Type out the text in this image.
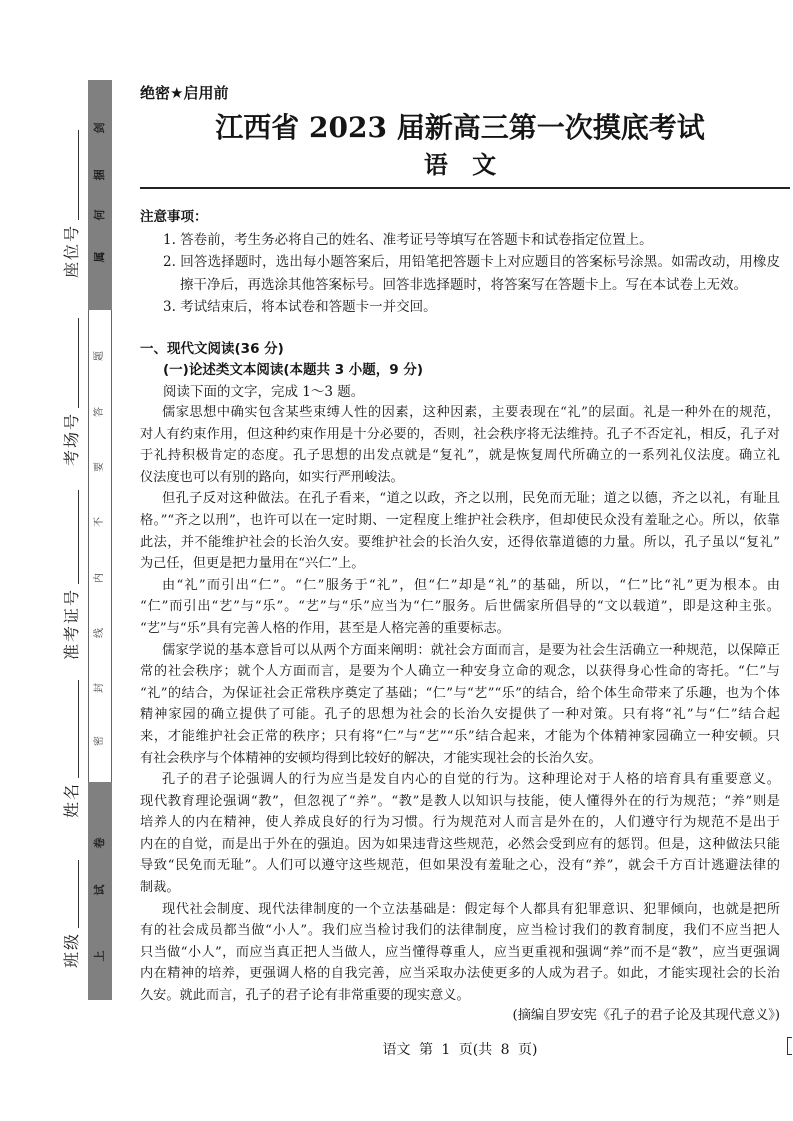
座位号
考场号
准考证号
姓名
班级
剑
捆
何
属
题
答
要
不
内
线
封
密
卷
试
上
绝密★启用前
江西省 2023 届新高三第一次摸底考试
语 文
注意事项：
1. 答卷前，考生务必将自己的姓名、准考证号等填写在答题卡和试卷指定位置上。
2. 回答选择题时，选出每小题答案后，用铅笔把答题卡上对应题目的答案标号涂黑。如需改动，用橡皮
擦干净后，再选涂其他答案标号。回答非选择题时，将答案写在答题卡上。写在本试卷上无效。
3. 考试结束后，将本试卷和答题卡一并交回。
一、现代文阅读(36 分)
(一)论述类文本阅读(本题共 3 小题，9 分)
阅读下面的文字，完成 1～3 题。
儒家思想中确实包含某些束缚人性的因素，这种因素，主要表现在“礼”的层面。礼是一种外在的规范，
对人有约束作用，但这种约束作用是十分必要的，否则，社会秩序将无法维持。孔子不否定礼，相反，孔子对
于礼持积极肯定的态度。孔子思想的出发点就是“复礼”，就是恢复周代所确立的一系列礼仪法度。确立礼
仪法度也可以有别的路向，如实行严刑峻法。
但孔子反对这种做法。在孔子看来，“道之以政，齐之以刑，民免而无耻；道之以德，齐之以礼，有耻且
格。”“齐之以刑”，也许可以在一定时期、一定程度上维护社会秩序，但却使民众没有羞耻之心。所以，依靠
此法，并不能维护社会的长治久安。要维护社会的长治久安，还得依靠道德的力量。所以，孔子虽以“复礼”
为己任，但更是把力量用在“兴仁”上。
由“礼”而引出“仁”。“仁”服务于“礼”，但“仁”却是“礼”的基础，所以，“仁”比“礼”更为根本。由
“仁”而引出“艺”与“乐”。“艺”与“乐”应当为“仁”服务。后世儒家所倡导的“文以载道”，即是这种主张。
“艺”与“乐”具有完善人格的作用，甚至是人格完善的重要标志。
儒家学说的基本意旨可以从两个方面来阐明：就社会方面而言，是要为社会生活确立一种规范，以保障正
常的社会秩序；就个人方面而言，是要为个人确立一种安身立命的观念，以获得身心性命的寄托。“仁”与
“礼”的结合，为保证社会正常秩序奠定了基础；“仁”与“艺”“乐”的结合，给个体生命带来了乐趣，也为个体
精神家园的确立提供了可能。孔子的思想为社会的长治久安提供了一种对策。只有将“礼”与“仁”结合起
来，才能维护社会正常的秩序；只有将“仁”与“艺”“乐”结合起来，才能为个体精神家园确立一种安顿。只
有社会秩序与个体精神的安顿均得到比较好的解决，才能实现社会的长治久安。
孔子的君子论强调人的行为应当是发自内心的自觉的行为。这种理论对于人格的培育具有重要意义。
现代教育理论强调“教”，但忽视了“养”。“教”是教人以知识与技能，使人懂得外在的行为规范；“养”则是
培养人的内在精神，使人养成良好的行为习惯。行为规范对人而言是外在的，人们遵守行为规范不是出于
内在的自觉，而是出于外在的强迫。因为如果违背这些规范，必然会受到应有的惩罚。但是，这种做法只能
导致“民免而无耻”。人们可以遵守这些规范，但如果没有羞耻之心，没有“养”，就会千方百计逃避法律的
制裁。
现代社会制度、现代法律制度的一个立法基础是：假定每个人都具有犯罪意识、犯罪倾向，也就是把所
有的社会成员都当做“小人”。我们应当检讨我们的法律制度，应当检讨我们的教育制度，我们不应当把人
只当做“小人”，而应当真正把人当做人，应当懂得尊重人，应当更重视和强调“养”而不是“教”，应当更强调
内在精神的培养，更强调人格的自我完善，应当采取办法使更多的人成为君子。如此，才能实现社会的长治
久安。就此而言，孔子的君子论有非常重要的现实意义。
(摘编自罗安宪《孔子的君子论及其现代意义》)
语文 第 1 页(共 8 页)
